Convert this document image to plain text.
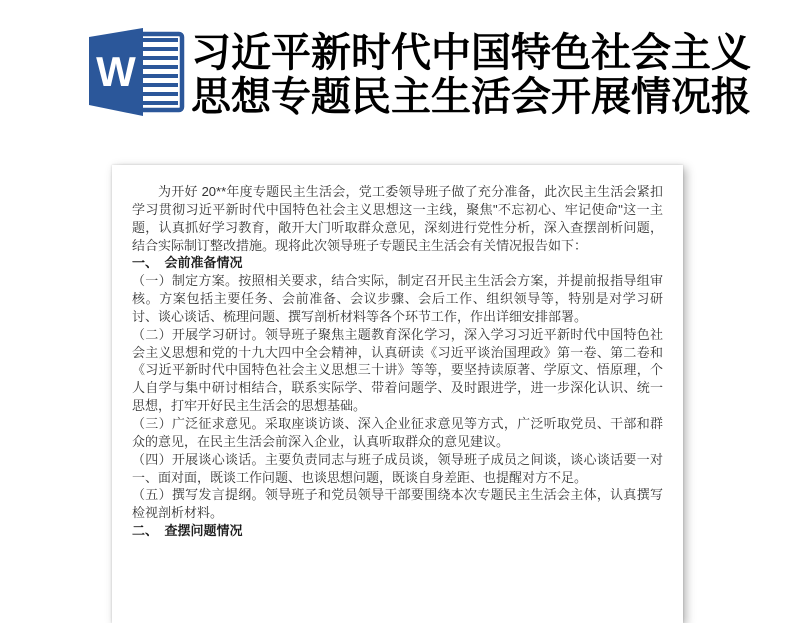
W 习近平新时代中国特色社会主义思想专题民主生活会开展情况报

为开好 20**年度专题民主生活会，党工委领导班子做了充分准备，此次民主生活会紧扣学习贯彻习近平新时代中国特色社会主义思想这一主线，聚焦"不忘初心、牢记使命"这一主题，认真抓好学习教育，敞开大门听取群众意见，深刻进行党性分析，深入查摆剖析问题，结合实际制订整改措施。现将此次领导班子专题民主生活会有关情况报告如下：

一、　会前准备情况

（一）制定方案。按照相关要求，结合实际，制定召开民主生活会方案，并提前报指导组审核。方案包括主要任务、会前准备、会议步骤、会后工作、组织领导等，特别是对学习研讨、谈心谈话、梳理问题、撰写剖析材料等各个环节工作，作出详细安排部署。

（二）开展学习研讨。领导班子聚焦主题教育深化学习，深入学习习近平新时代中国特色社会主义思想和党的十九大四中全会精神，认真研读《习近平谈治国理政》第一卷、第二卷和《习近平新时代中国特色社会主义思想三十讲》等等，要坚持读原著、学原文、悟原理，个人自学与集中研讨相结合，联系实际学、带着问题学、及时跟进学，进一步深化认识、统一思想，打牢开好民主生活会的思想基础。

（三）广泛征求意见。采取座谈访谈、深入企业征求意见等方式，广泛听取党员、干部和群众的意见，在民主生活会前深入企业，认真听取群众的意见建议。

（四）开展谈心谈话。主要负责同志与班子成员谈，领导班子成员之间谈，谈心谈话要一对一、面对面，既谈工作问题、也谈思想问题，既谈自身差距、也提醒对方不足。

（五）撰写发言提纲。领导班子和党员领导干部要围绕本次专题民主生活会主体，认真撰写检视剖析材料。

二、　查摆问题情况
